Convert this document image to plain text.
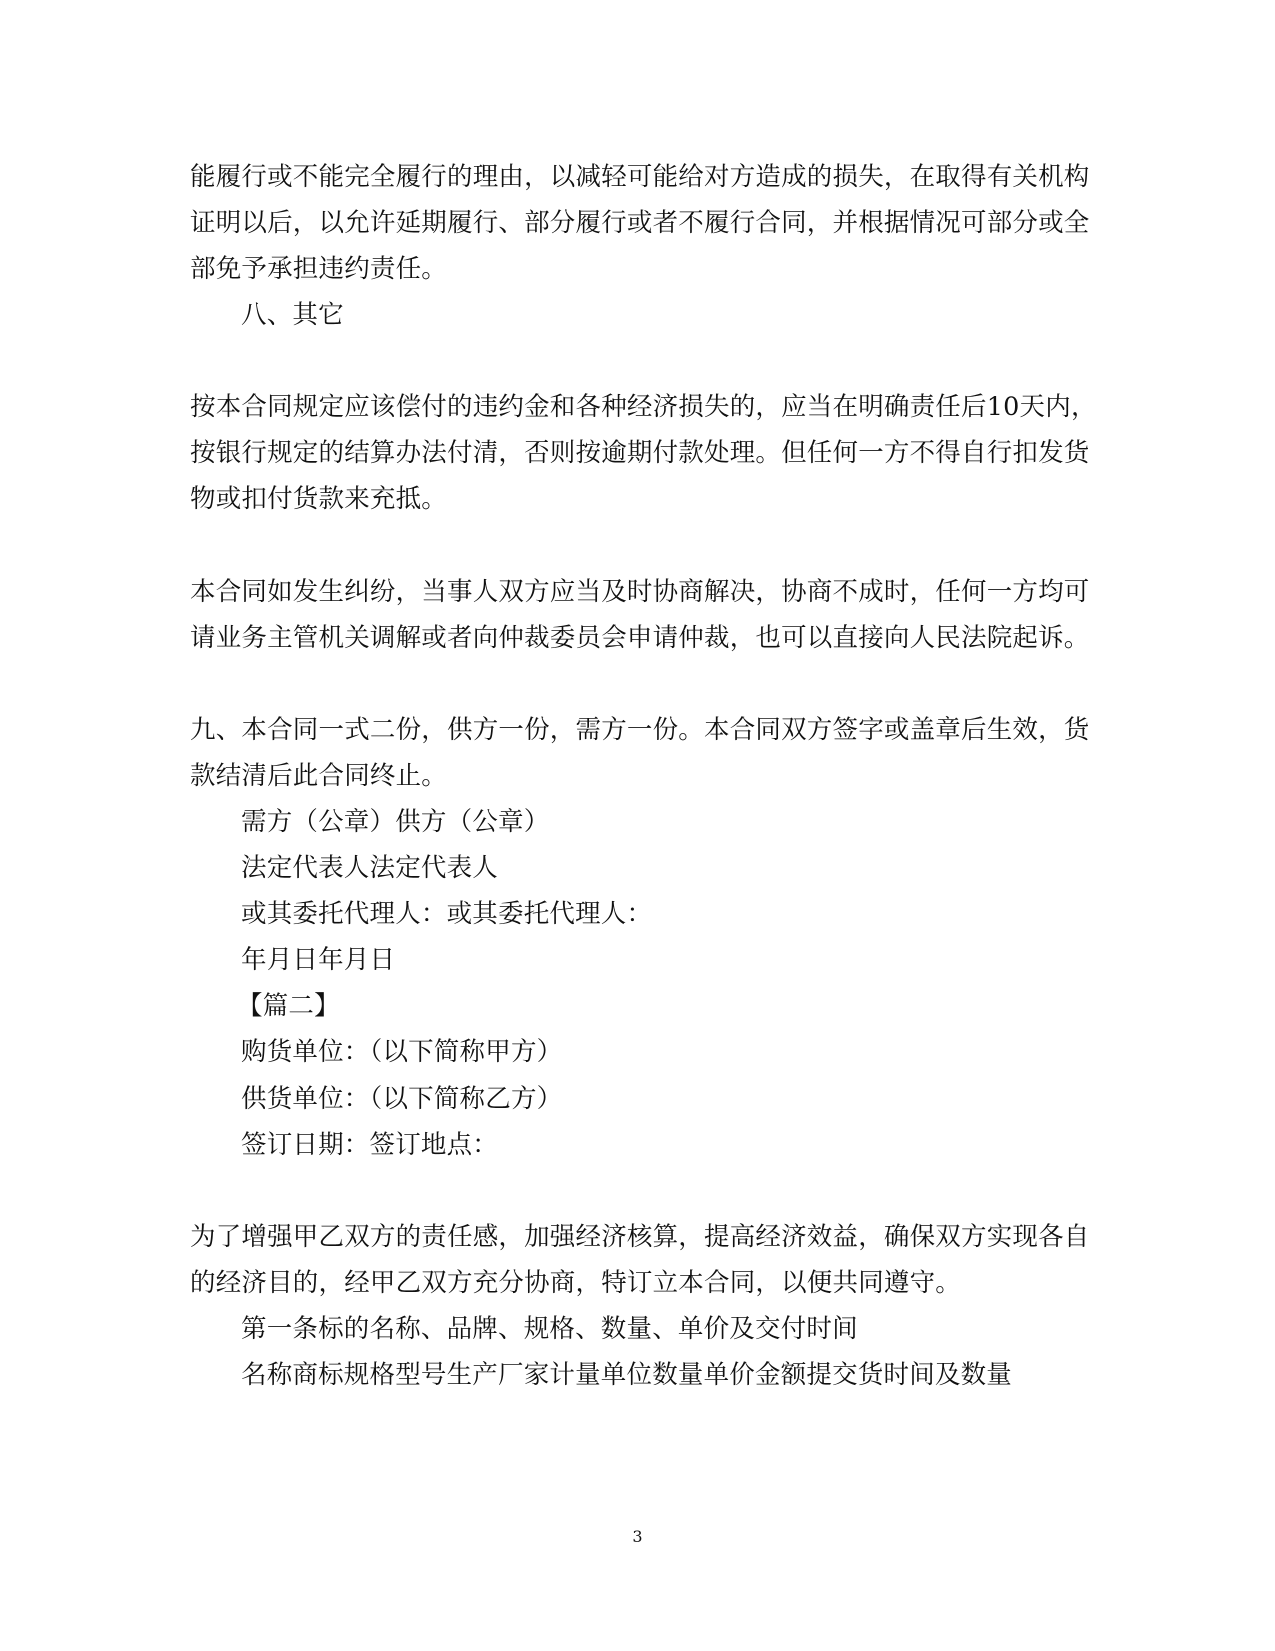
能履行或不能完全履行的理由，以减轻可能给对方造成的损失，在取得有关机构
证明以后，以允许延期履行、部分履行或者不履行合同，并根据情况可部分或全
部免予承担违约责任。
八、其它
按本合同规定应该偿付的违约金和各种经济损失的，应当在明确责任后10天内，
按银行规定的结算办法付清，否则按逾期付款处理。但任何一方不得自行扣发货
物或扣付货款来充抵。
本合同如发生纠纷，当事人双方应当及时协商解决，协商不成时，任何一方均可
请业务主管机关调解或者向仲裁委员会申请仲裁，也可以直接向人民法院起诉。
九、本合同一式二份，供方一份，需方一份。本合同双方签字或盖章后生效，货
款结清后此合同终止。
需方（公章）供方（公章）
法定代表人法定代表人
或其委托代理人：或其委托代理人：
年月日年月日
【篇二】
购货单位：（以下简称甲方）
供货单位：（以下简称乙方）
签订日期：签订地点：
为了增强甲乙双方的责任感，加强经济核算，提高经济效益，确保双方实现各自
的经济目的，经甲乙双方充分协商，特订立本合同，以便共同遵守。
第一条标的名称、品牌、规格、数量、单价及交付时间
名称商标规格型号生产厂家计量单位数量单价金额提交货时间及数量
3
